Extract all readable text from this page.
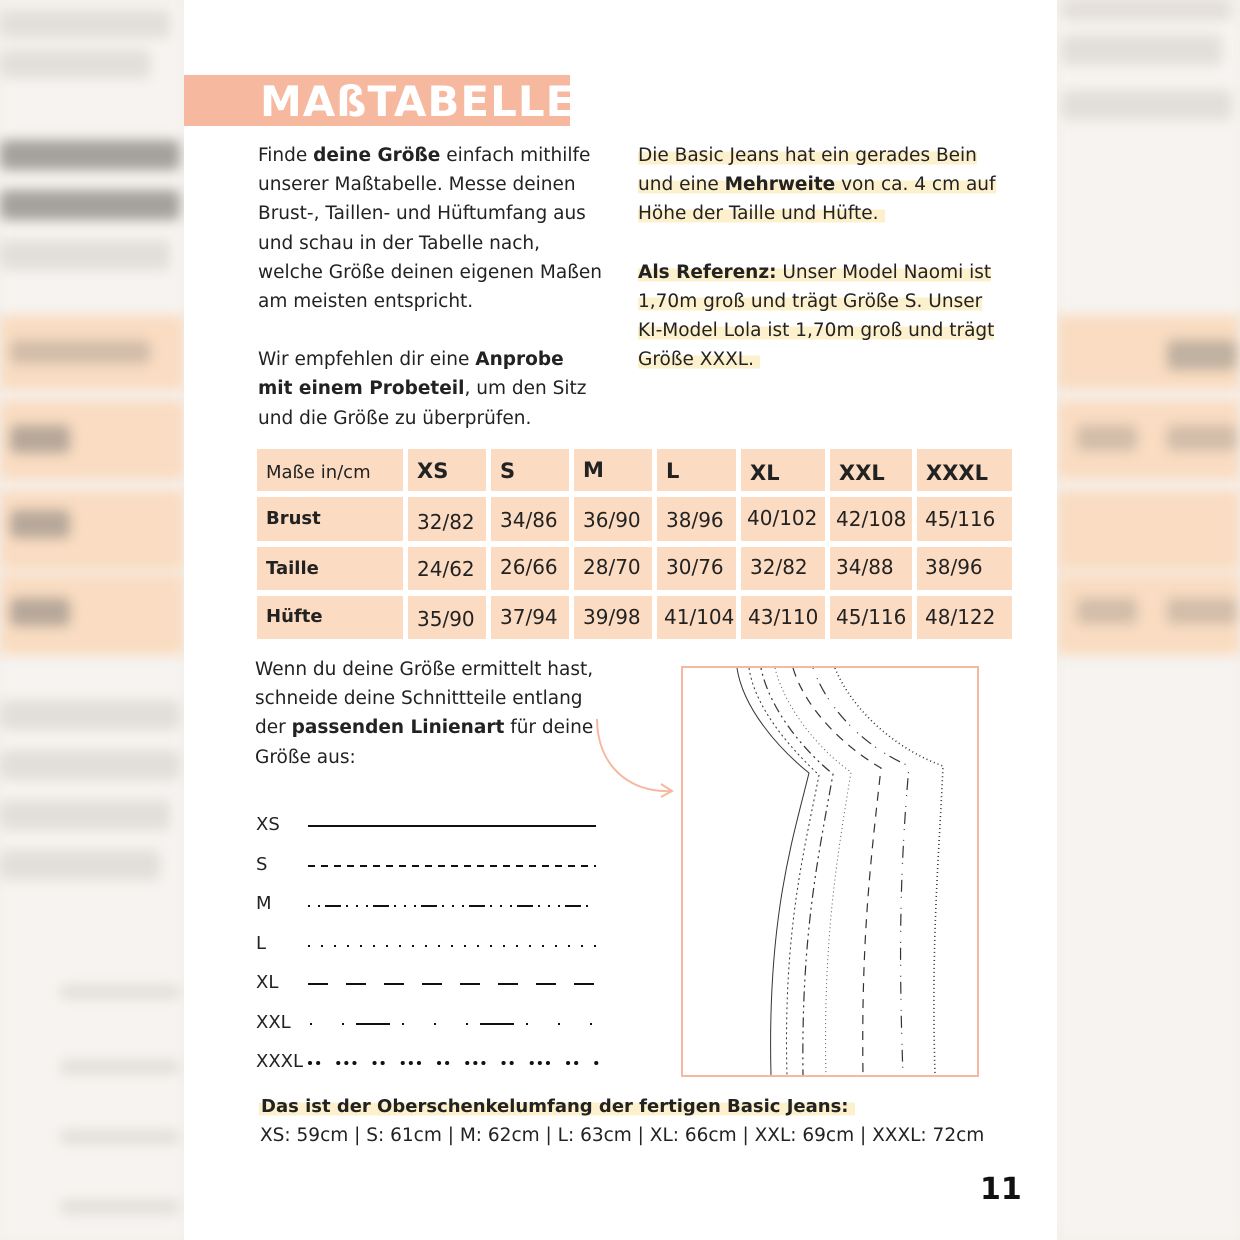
MAßTABELLE
Finde deine Größe einfach mithilfe unserer Maßtabelle. Messe deinen Brust-, Taillen- und Hüftumfang aus und schau in der Tabelle nach, welche Größe deinen eigenen Maßen am meisten entspricht.
Wir empfehlen dir eine Anprobe mit einem Probeteil, um den Sitz und die Größe zu überprüfen.
Die Basic Jeans hat ein gerades Bein und eine Mehrweite von ca. 4 cm auf Höhe der Taille und Hüfte.
Als Referenz: Unser Model Naomi ist 1,70m groß und trägt Größe S. Unser KI-Model Lola ist 1,70m groß und trägt Größe XXXL.
Maße in/cm	XS	S	M	L	XL	XXL	XXXL
Brust	32/82	34/86	36/90	38/96	40/102 42/108 45/116
Taille	24/62	26/66	28/70	30/76	32/82	34/88	38/96
Hüfte	35/90	37/94	39/98	41/104 43/110 45/116 48/122
Wenn du deine Größe ermittelt hast, schneide deine Schnittteile entlang der passenden Linienart für deine Größe aus:
XS
S
M
L
XL
XXL
XXXL
Das ist der Oberschenkelumfang der fertigen Basic Jeans:
XS: 59cm | S: 61cm | M: 62cm | L: 63cm | XL: 66cm | XXL: 69cm | XXXL: 72cm
11
